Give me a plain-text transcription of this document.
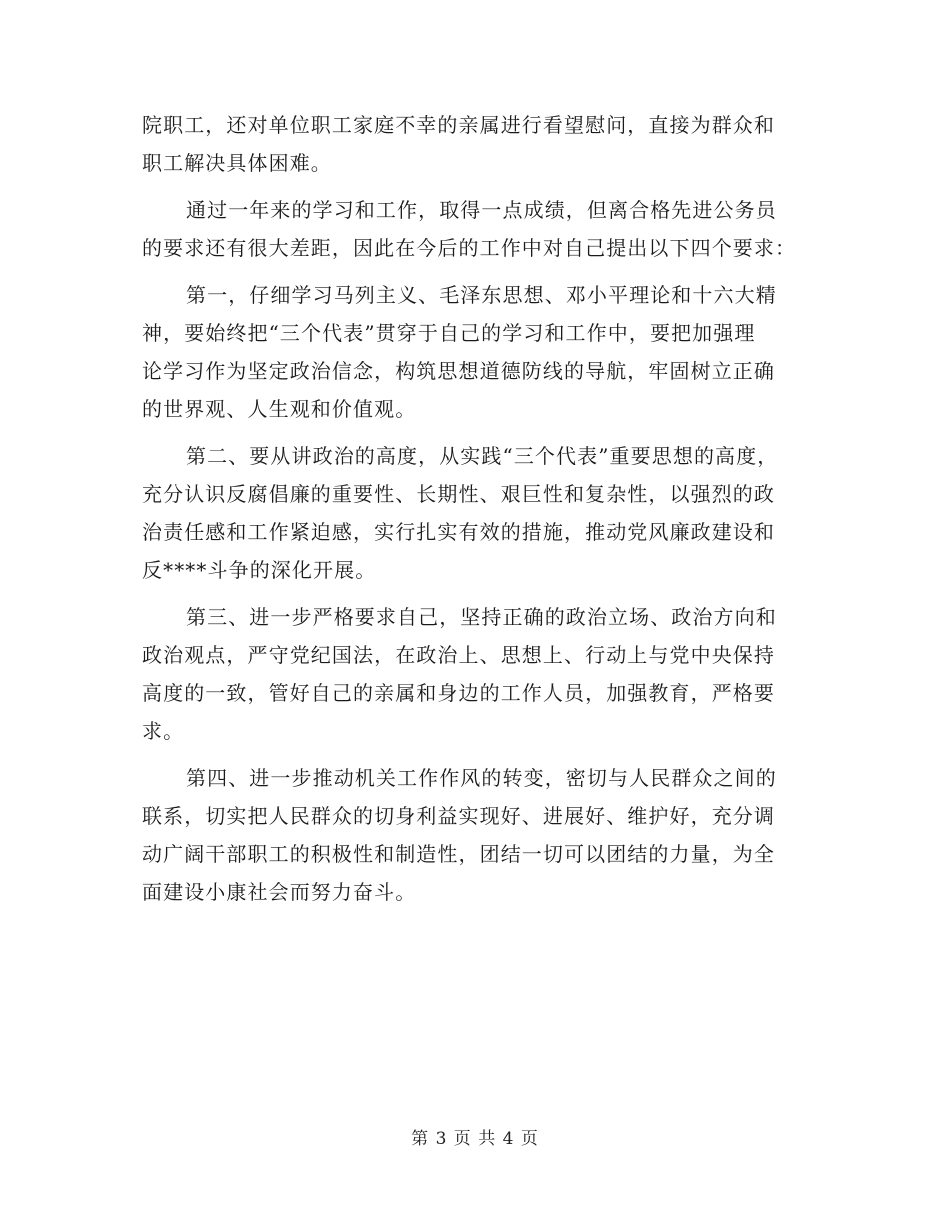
院职工，还对单位职工家庭不幸的亲属进行看望慰问，直接为群众和
职工解决具体困难。

通过一年来的学习和工作，取得一点成绩，但离合格先进公务员
的要求还有很大差距，因此在今后的工作中对自己提出以下四个要求：

第一，仔细学习马列主义、毛泽东思想、邓小平理论和十六大精
神，要始终把“三个代表”贯穿于自己的学习和工作中，要把加强理
论学习作为坚定政治信念，构筑思想道德防线的导航，牢固树立正确
的世界观、人生观和价值观。

第二、要从讲政治的高度，从实践“三个代表”重要思想的高度，
充分认识反腐倡廉的重要性、长期性、艰巨性和复杂性，以强烈的政
治责任感和工作紧迫感，实行扎实有效的措施，推动党风廉政建设和
反****斗争的深化开展。

第三、进一步严格要求自己，坚持正确的政治立场、政治方向和
政治观点，严守党纪国法，在政治上、思想上、行动上与党中央保持
高度的一致，管好自己的亲属和身边的工作人员，加强教育，严格要
求。

第四、进一步推动机关工作作风的转变，密切与人民群众之间的
联系，切实把人民群众的切身利益实现好、进展好、维护好，充分调
动广阔干部职工的积极性和制造性，团结一切可以团结的力量，为全
面建设小康社会而努力奋斗。

第 3 页 共 4 页
